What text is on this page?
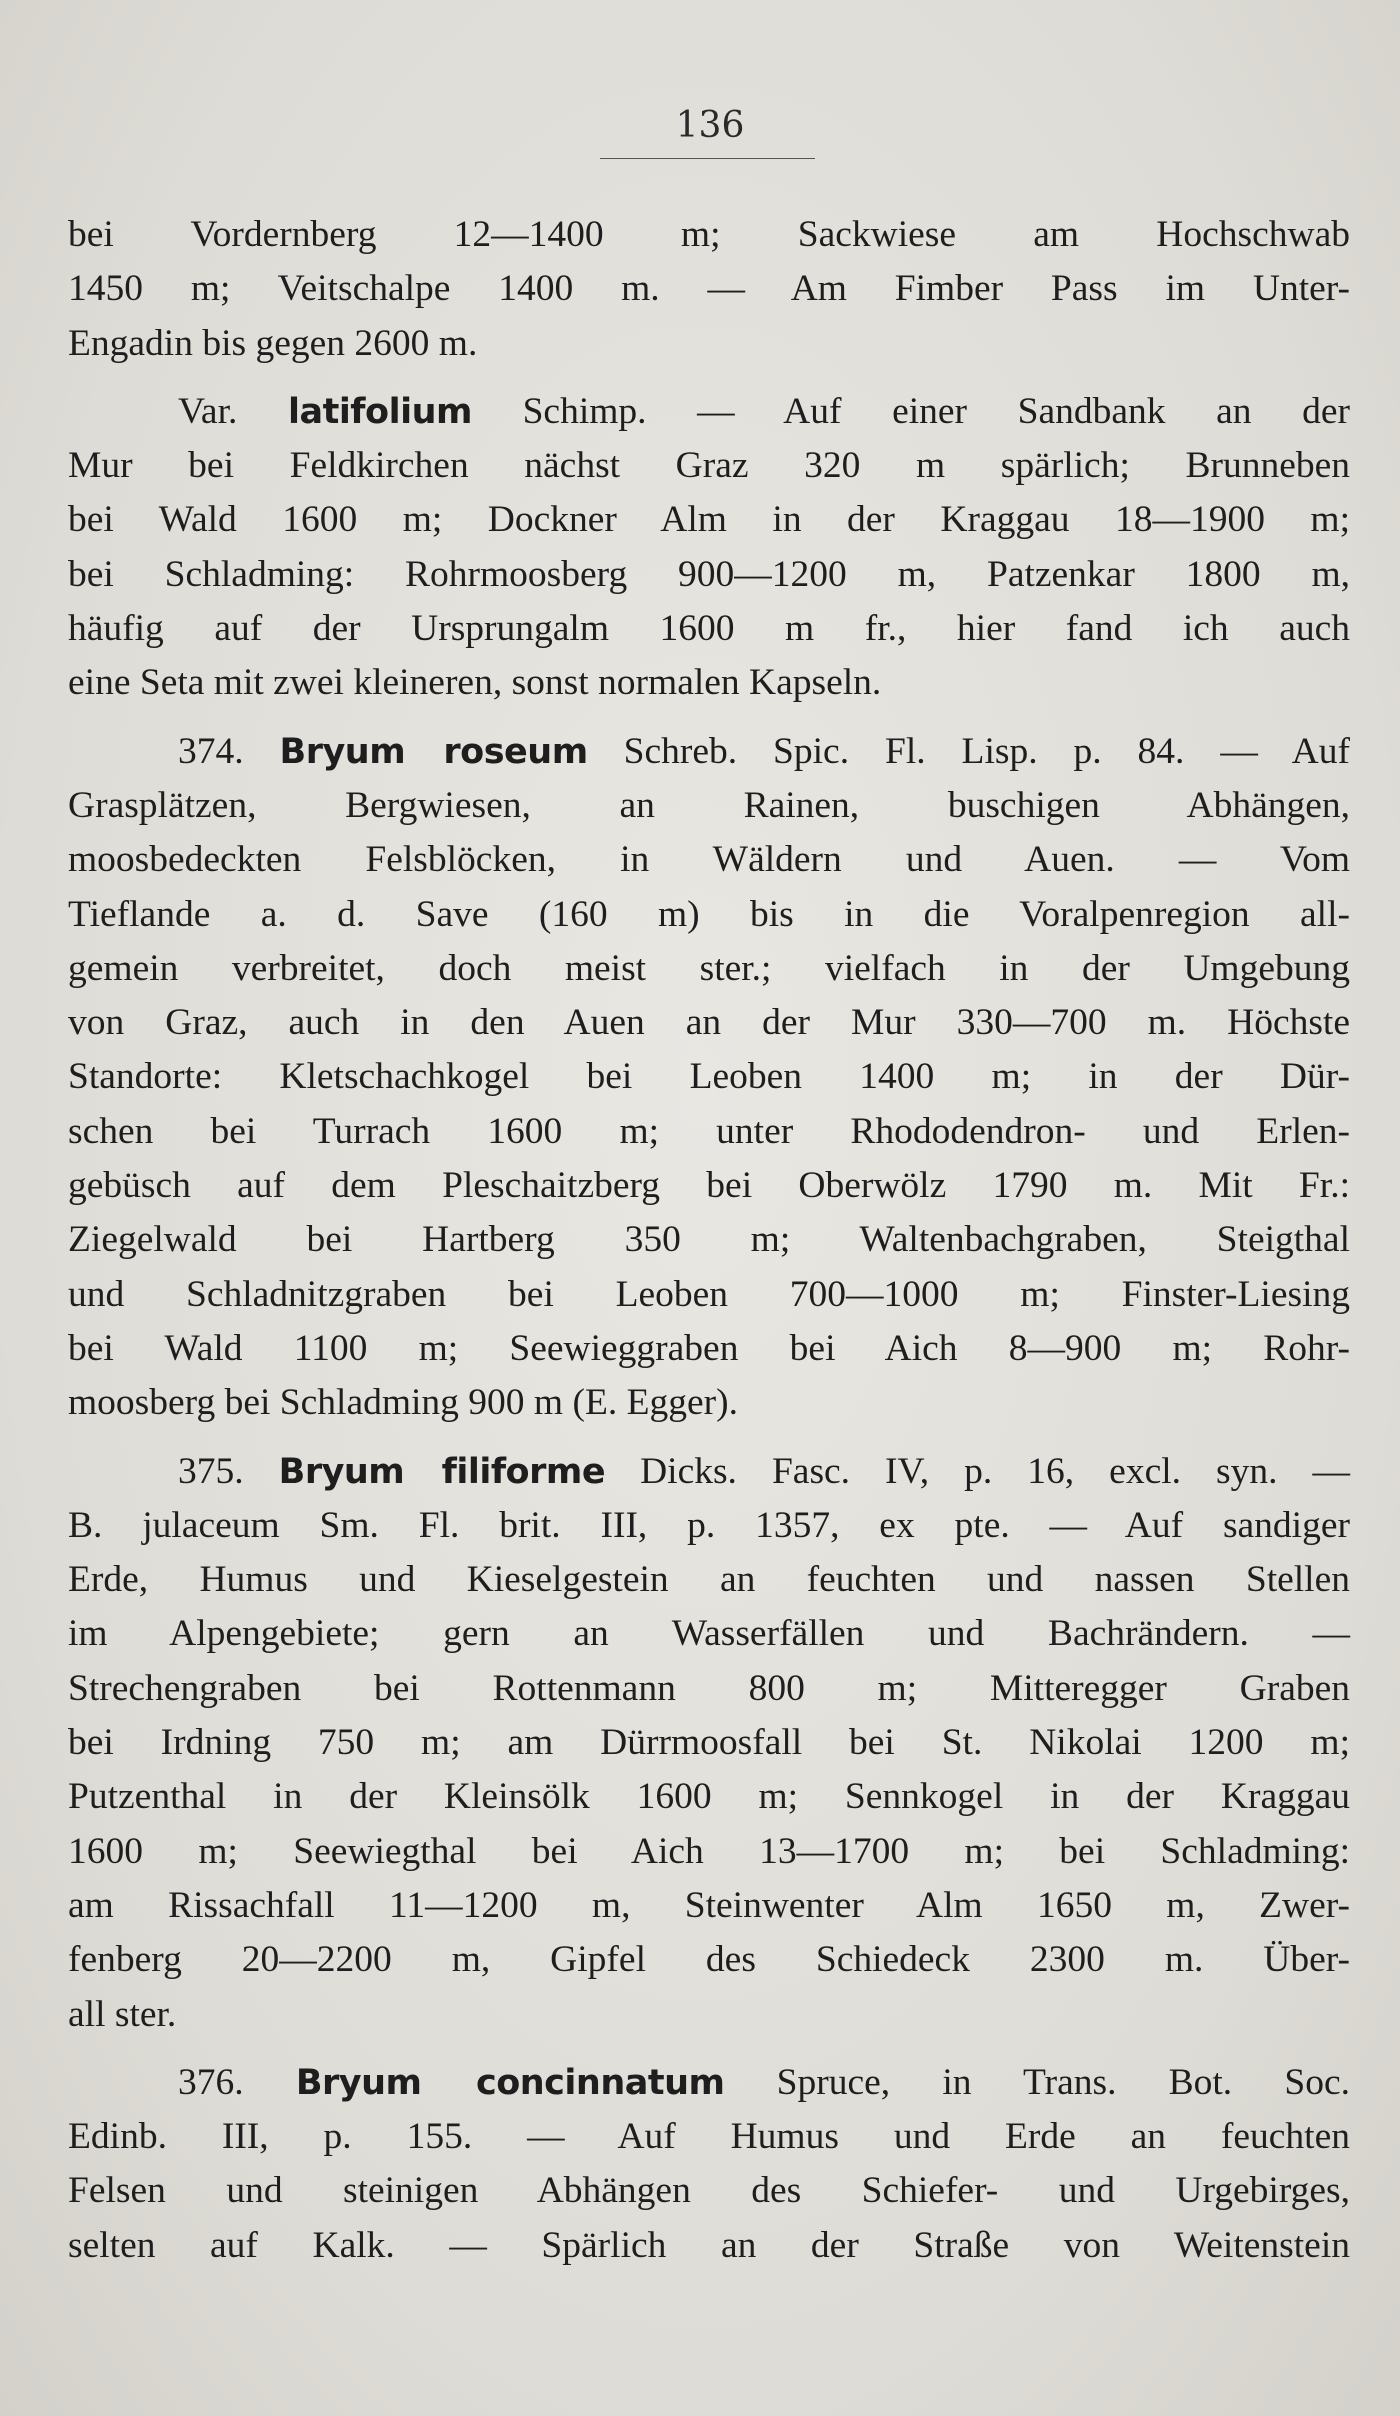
136
bei Vordernberg 12—1400 m; Sackwiese am Hochschwab
1450 m; Veitschalpe 1400 m. — Am Fimber Pass im Unter-
Engadin bis gegen 2600 m.
Var. latifolium Schimp. — Auf einer Sandbank an der
Mur bei Feldkirchen nächst Graz 320 m spärlich; Brunneben
bei Wald 1600 m; Dockner Alm in der Kraggau 18—1900 m;
bei Schladming: Rohrmoosberg 900—1200 m, Patzenkar 1800 m,
häufig auf der Ursprungalm 1600 m fr., hier fand ich auch
eine Seta mit zwei kleineren, sonst normalen Kapseln.
374. Bryum roseum Schreb. Spic. Fl. Lisp. p. 84. — Auf
Grasplätzen, Bergwiesen, an Rainen, buschigen Abhängen,
moosbedeckten Felsblöcken, in Wäldern und Auen. — Vom
Tieflande a. d. Save (160 m) bis in die Voralpenregion all-
gemein verbreitet, doch meist ster.; vielfach in der Umgebung
von Graz, auch in den Auen an der Mur 330—700 m. Höchste
Standorte: Kletschachkogel bei Leoben 1400 m; in der Dür-
schen bei Turrach 1600 m; unter Rhododendron- und Erlen-
gebüsch auf dem Pleschaitzberg bei Oberwölz 1790 m. Mit Fr.:
Ziegelwald bei Hartberg 350 m; Waltenbachgraben, Steigthal
und Schladnitzgraben bei Leoben 700—1000 m; Finster-Liesing
bei Wald 1100 m; Seewieggraben bei Aich 8—900 m; Rohr-
moosberg bei Schladming 900 m (E. Egger).
375. Bryum filiforme Dicks. Fasc. IV, p. 16, excl. syn. —
B. julaceum Sm. Fl. brit. III, p. 1357, ex pte. — Auf sandiger
Erde, Humus und Kieselgestein an feuchten und nassen Stellen
im Alpengebiete; gern an Wasserfällen und Bachrändern. —
Strechengraben bei Rottenmann 800 m; Mitteregger Graben
bei Irdning 750 m; am Dürrmoosfall bei St. Nikolai 1200 m;
Putzenthal in der Kleinsölk 1600 m; Sennkogel in der Kraggau
1600 m; Seewiegthal bei Aich 13—1700 m; bei Schladming:
am Rissachfall 11—1200 m, Steinwenter Alm 1650 m, Zwer-
fenberg 20—2200 m, Gipfel des Schiedeck 2300 m. Über-
all ster.
376. Bryum concinnatum Spruce, in Trans. Bot. Soc.
Edinb. III, p. 155. — Auf Humus und Erde an feuchten
Felsen und steinigen Abhängen des Schiefer- und Urgebirges,
selten auf Kalk. — Spärlich an der Straße von Weitenstein
